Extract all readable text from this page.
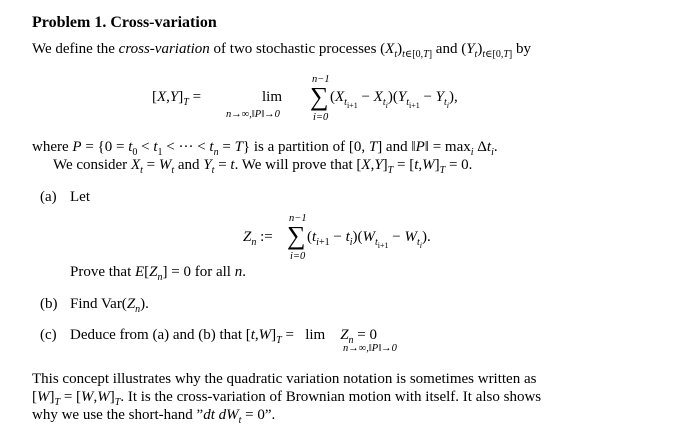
Problem 1. Cross-variation
We define the cross-variation of two stochastic processes $(X_t)_{t\in[0,T]}$ and $(Y_t)_{t\in[0,T]}$ by
$[X,Y]_T$ =	lim
n→∞,‖P‖→0
n−1
∑
i=0
$(X_{t_{i+1}} - X_{t_i})(Y_{t_{i+1}} - Y_{t_i})$,
where $P = \{0 = t_0 < t_1$ < ··· < $t_n = T$} is a partition of [0, T] and ‖P‖ = $\max_i \Delta t_i$.
We consider $X_t = W_t$ and $Y_t = t$. We will prove that $[X,Y]_T = [t,W]_T = 0$.
(a) Let
$Z_n$ :=
n−1
∑
i=0
$(t_{i+1} - t_i)(W_{t_{i+1}} - W_{t_i})$.
Prove that $E[Z_n] = 0$ for all n.
(b) Find $Var(Z_n)$.
(c) Deduce from (a) and (b) that $[t,W]_T = \lim$    $Z_n = 0$
n→∞,‖P‖→0
This concept illustrates why the quadratic variation notation is sometimes written as
$[W]_T = [W,W]_T$. It is the cross-variation of Brownian motion with itself. It also shows
why we use the short-hand ”dt $dW_t = 0$”.
